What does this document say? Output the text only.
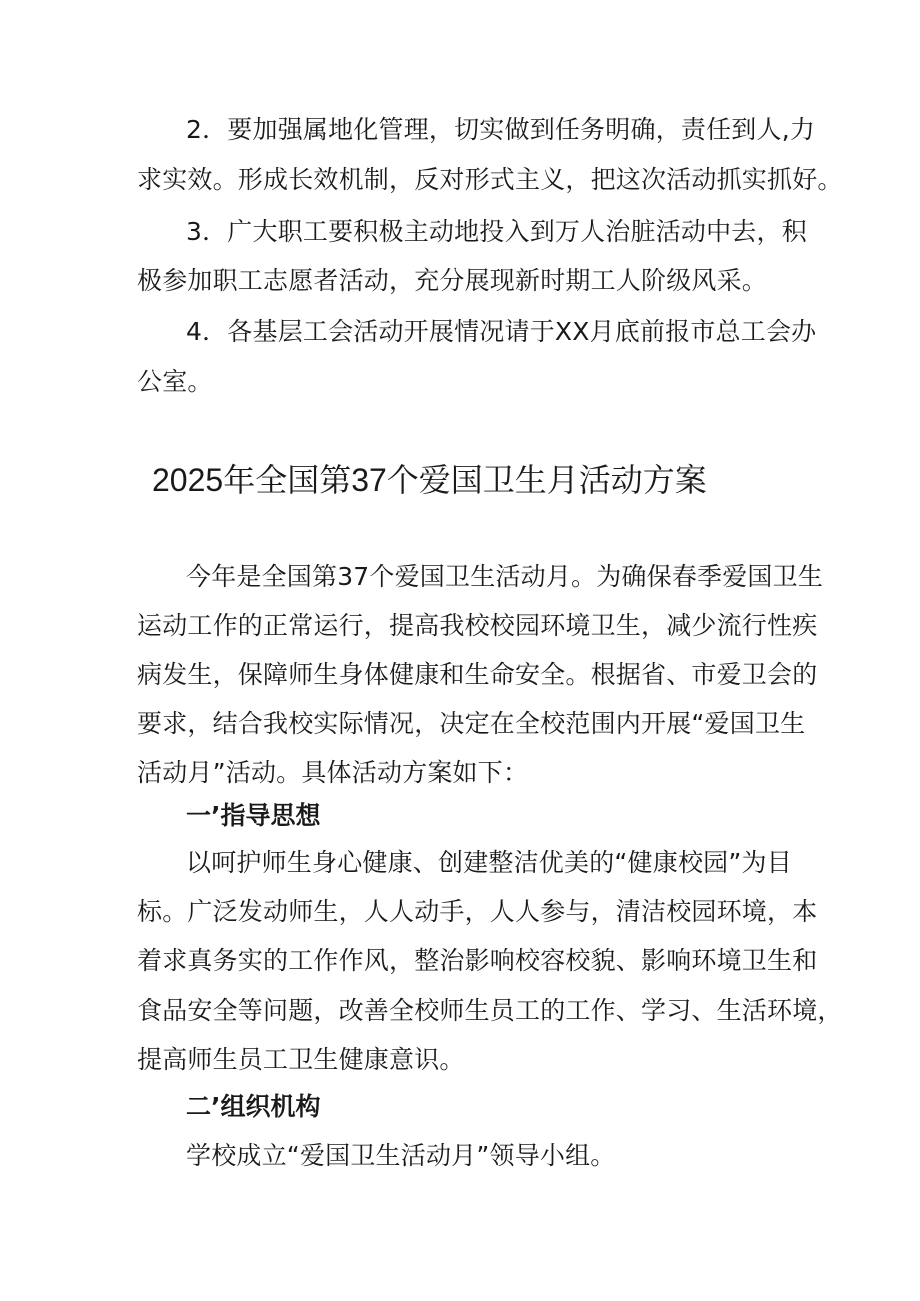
2．要加强属地化管理，切实做到任务明确，责任到人,力
求实效。形成长效机制，反对形式主义，把这次活动抓实抓好。
3．广大职工要积极主动地投入到万人治脏活动中去，积
极参加职工志愿者活动，充分展现新时期工人阶级风采。
4．各基层工会活动开展情况请于XX月底前报市总工会办
公室。
2025年全国第37个爱国卫生月活动方案
今年是全国第37个爱国卫生活动月。为确保春季爱国卫生
运动工作的正常运行，提高我校校园环境卫生，减少流行性疾
病发生，保障师生身体健康和生命安全。根据省、市爱卫会的
要求，结合我校实际情况，决定在全校范围内开展“爱国卫生
活动月”活动。具体活动方案如下：
一’指导思想
以呵护师生身心健康、创建整洁优美的“健康校园”为目
标。广泛发动师生，人人动手，人人参与，清洁校园环境，本
着求真务实的工作作风，整治影响校容校貌、影响环境卫生和
食品安全等问题，改善全校师生员工的工作、学习、生活环境，
提高师生员工卫生健康意识。
二’组织机构
学校成立“爱国卫生活动月”领导小组。
